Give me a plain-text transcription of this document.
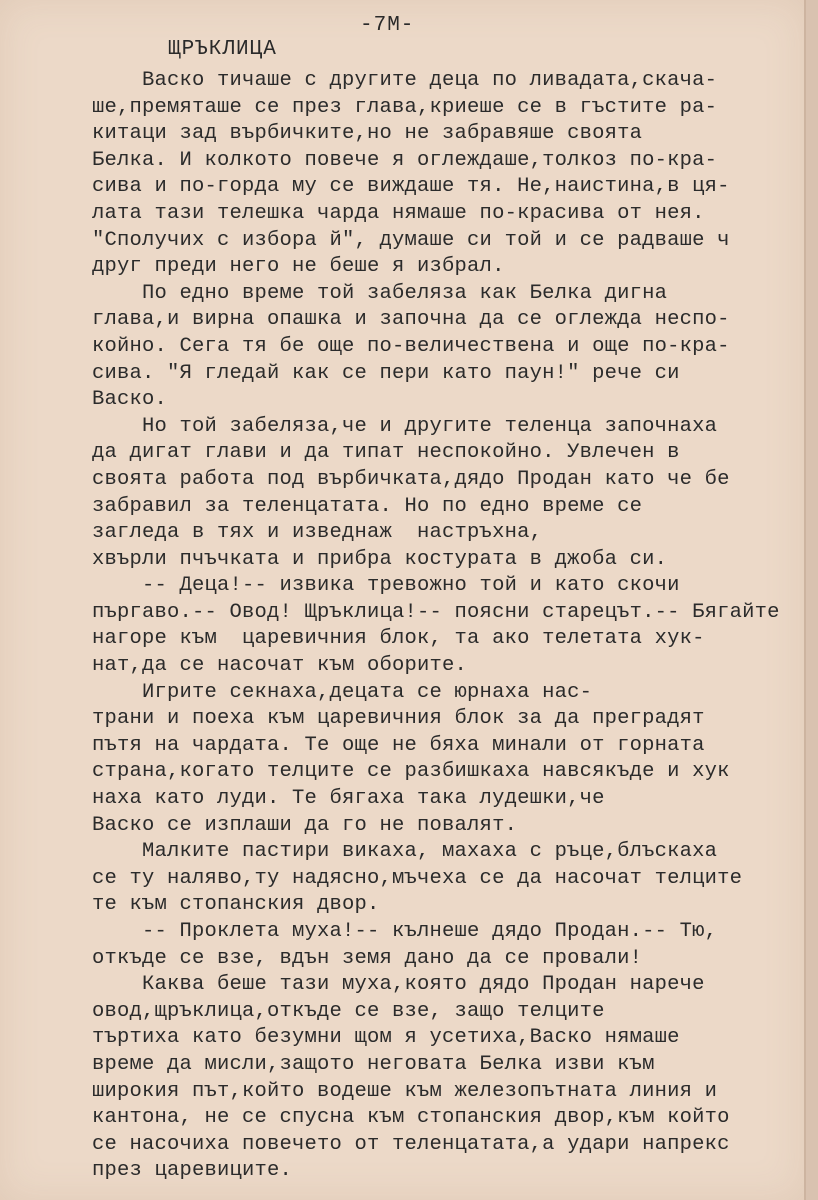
-7М-
ЩРЪКЛИЦА
Васко тичаше с другите деца по ливадата,скача-
ше,премяташе се през глава,криеше се в гъстите ра-
китаци зад върбичките,но не забравяше своята
Белка. И колкото повече я оглеждаше,толкоз по-кра-
сива и по-горда му се виждаше тя. Не,наистина,в ця-
лата тази телешка чарда нямаше по-красива от нея.
"Сполучих с избора й", думаше си той и се радваше ч
друг преди него не беше я избрал.
По едно време той забеляза как Белка дигна
глава,и вирна опашка и започна да се оглежда неспо-
койно. Сега тя бе още по-величествена и още по-кра-
сива. "Я гледай как се пери като паун!" рече си
Васко.
Но той забеляза,че и другите теленца започнаха
да дигат глави и да типат неспокойно. Увлечен в
своята работа под върбичката,дядо Продан като че бе
забравил за теленцатата. Но по едно време се
загледа в тях и изведнаж  настръхна,
хвърли пчъчката и прибра костурата в джоба си.
-- Деца!-- извика тревожно той и като скочи
пъргаво.-- Овод! Щръклица!-- поясни старецът.-- Бягайте
нагоре към  царевичния блок, та ако телетата хук-
нат,да се насочат към оборите.
Игрите секнаха,децата се юрнаха нас-
трани и поеха към царевичния блок за да преградят
пътя на чардата. Те още не бяха минали от горната
страна,когато телците се разбишкаха навсякъде и хук
наха като луди. Те бягаха така лудешки,че
Васко се изплаши да го не повалят.
Малките пастири викаха, махаха с ръце,блъскаха
се ту наляво,ту надясно,мъчеха се да насочат телците
те към стопанския двор.
-- Проклета муха!-- кълнеше дядо Продан.-- Тю,
откъде се взе, вдън земя дано да се провали!
Каква беше тази муха,която дядо Продан нарече
овод,щръклица,откъде се взе, защо телците
търтиха като безумни щом я усетиха,Васко нямаше
време да мисли,защото неговата Белка изви към
широкия път,който водеше към железопътната линия и
кантона, не се спусна към стопанския двор,към който
се насочиха повечето от теленцатата,а удари напрекс
през царевиците.
